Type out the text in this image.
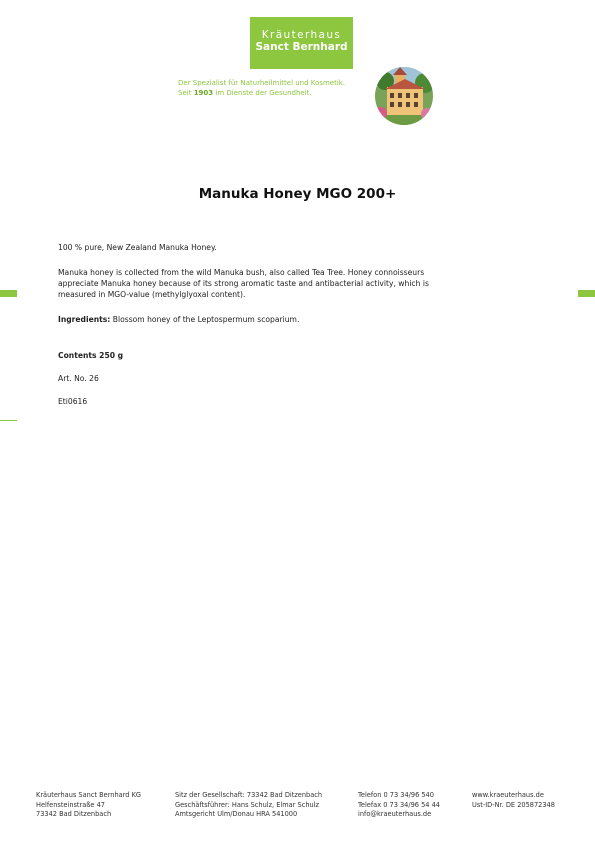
Kräuterhaus
Sanct Bernhard
Der Spezialist für Naturheilmittel und Kosmetik.
Seit 1903 im Dienste der Gesundheit.
Manuka Honey MGO 200+
100 % pure, New Zealand Manuka Honey.
Manuka honey is collected from the wild Manuka bush, also called Tea Tree. Honey connoisseurs
appreciate Manuka honey because of its strong aromatic taste and antibacterial activity, which is
measured in MGO-value (methylglyoxal content).
Ingredients: Blossom honey of the Leptospermum scoparium.
Contents 250 g
Art. No. 26
Eti0616
Kräuterhaus Sanct Bernhard KG
Helfensteinstraße 47
73342 Bad Ditzenbach
Sitz der Gesellschaft: 73342 Bad Ditzenbach
Geschäftsführer: Hans Schulz, Elmar Schulz
Amtsgericht Ulm/Donau HRA 541000
Telefon 0 73 34/96 540
Telefax 0 73 34/96 54 44
info@kraeuterhaus.de
www.kraeuterhaus.de
Ust-ID-Nr. DE 205872348
